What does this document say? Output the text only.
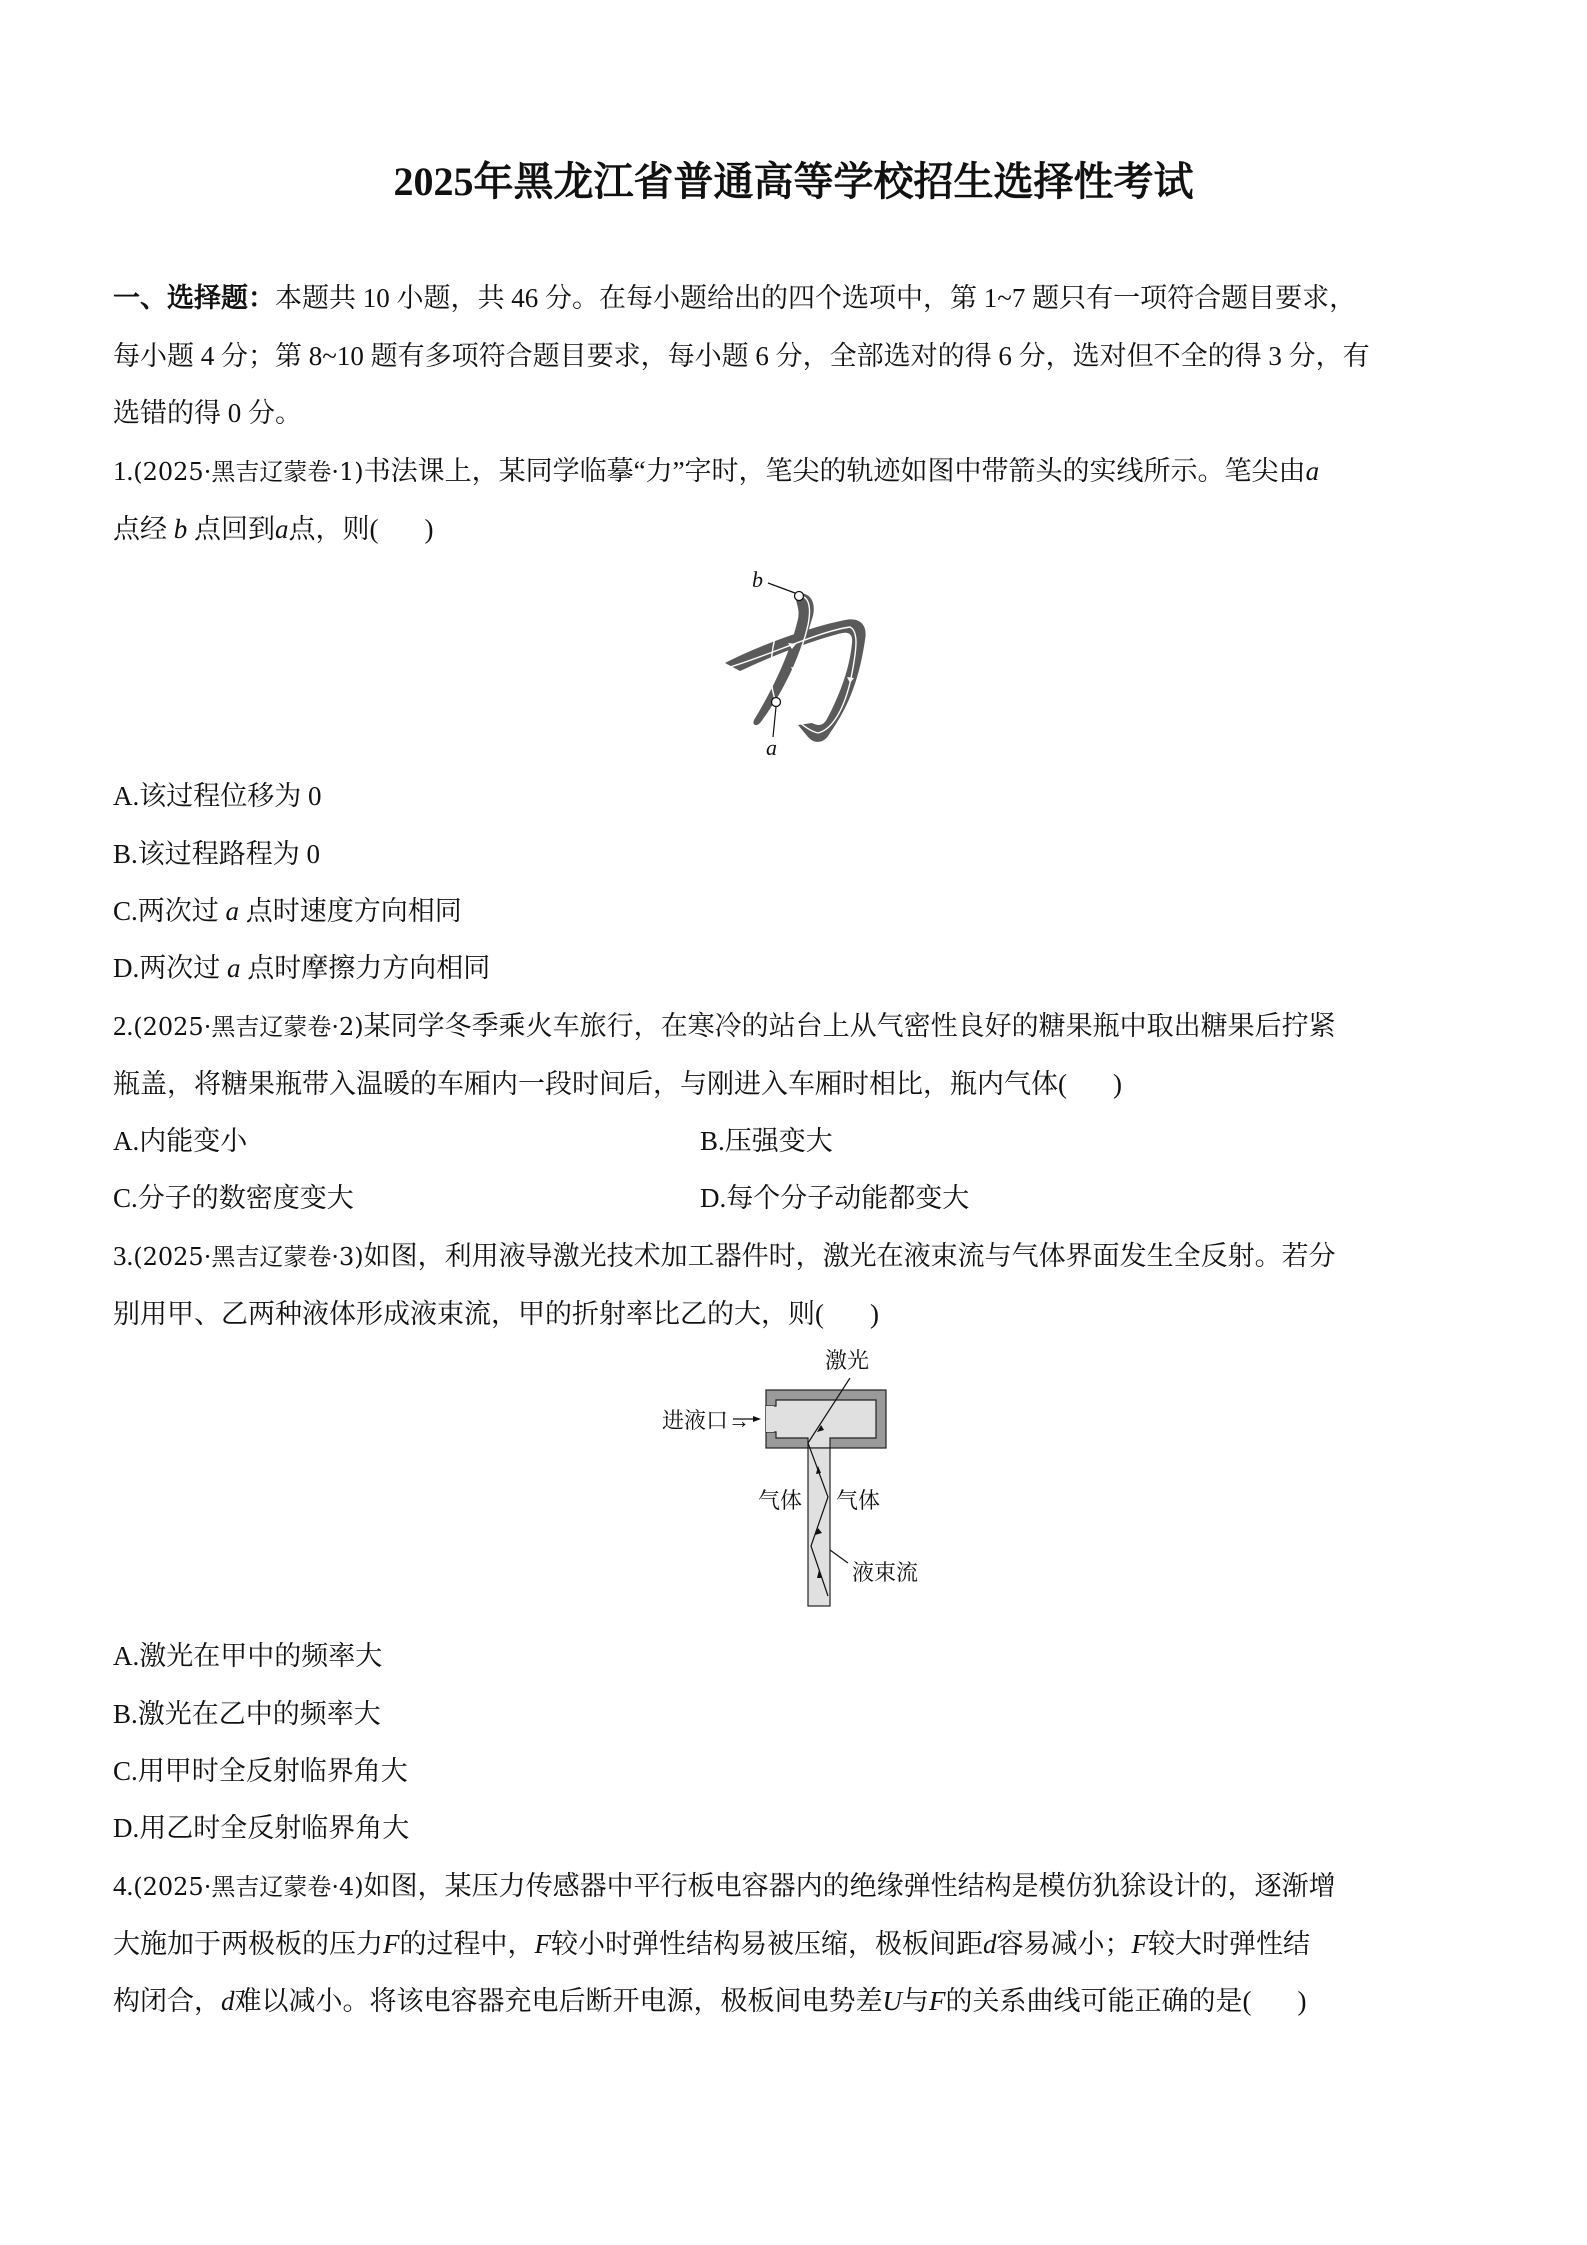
2025年黑龙江省普通高等学校招生选择性考试
一、选择题：本题共 10 小题，共 46 分。在每小题给出的四个选项中，第 1~7 题只有一项符合题目要求，
每小题 4 分；第 8~10 题有多项符合题目要求，每小题 6 分，全部选对的得 6 分，选对但不全的得 3 分，有
选错的得 0 分。
1.(2025·黑吉辽蒙卷·1)书法课上，某同学临摹“力”字时，笔尖的轨迹如图中带箭头的实线所示。笔尖由a
点经 b 点回到a点，则( )
b
a
A.该过程位移为 0
B.该过程路程为 0
C.两次过 a 点时速度方向相同
D.两次过 a 点时摩擦力方向相同
2.(2025·黑吉辽蒙卷·2)某同学冬季乘火车旅行，在寒冷的站台上从气密性良好的糖果瓶中取出糖果后拧紧
瓶盖，将糖果瓶带入温暖的车厢内一段时间后，与刚进入车厢时相比，瓶内气体( )
A.内能变小	B.压强变大
C.分子的数密度变大	D.每个分子动能都变大
3.(2025·黑吉辽蒙卷·3)如图，利用液导激光技术加工器件时，激光在液束流与气体界面发生全反射。若分
别用甲、乙两种液体形成液束流，甲的折射率比乙的大，则( )
激光
进液口→
气体 气体
液束流
A.激光在甲中的频率大
B.激光在乙中的频率大
C.用甲时全反射临界角大
D.用乙时全反射临界角大
4.(2025·黑吉辽蒙卷·4)如图，某压力传感器中平行板电容器内的绝缘弹性结构是模仿犰狳设计的，逐渐增
大施加于两极板的压力F的过程中，F较小时弹性结构易被压缩，极板间距d容易减小；F较大时弹性结
构闭合，d难以减小。将该电容器充电后断开电源，极板间电势差U与F的关系曲线可能正确的是( )
